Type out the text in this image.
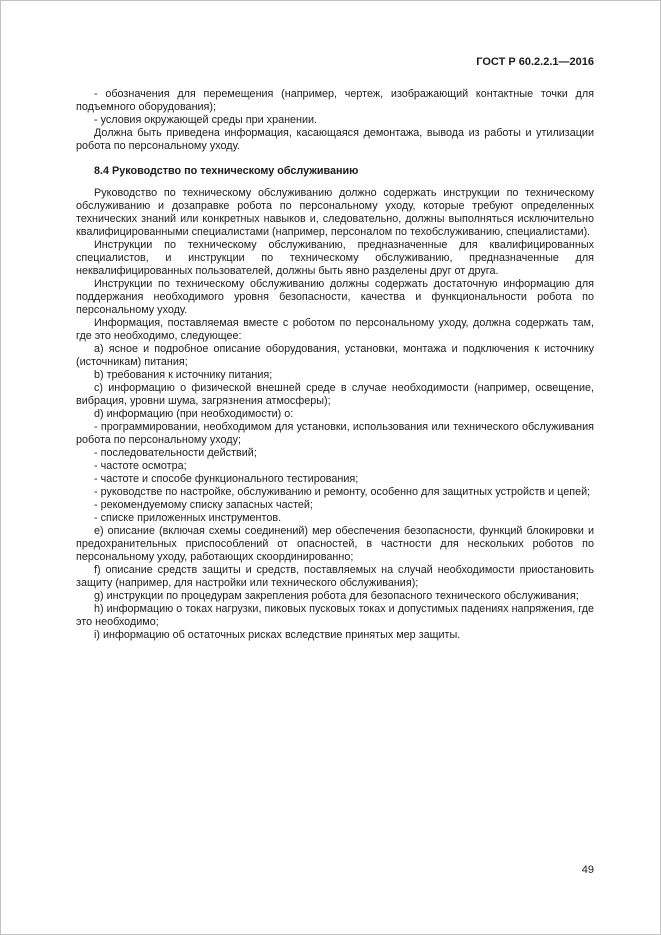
ГОСТ Р 60.2.2.1—2016

- обозначения для перемещения (например, чертеж, изображающий контактные точки для подъемного оборудования);

- условия окружающей среды при хранении.

Должна быть приведена информация, касающаяся демонтажа, вывода из работы и утилизации робота по персональному уходу.

8.4 Руководство по техническому обслуживанию

Руководство по техническому обслуживанию должно содержать инструкции по техническому обслуживанию и дозаправке робота по персональному уходу, которые требуют определенных технических знаний или конкретных навыков и, следовательно, должны выполняться исключительно квалифицированными специалистами (например, персоналом по техобслуживанию, специалистами).

Инструкции по техническому обслуживанию, предназначенные для квалифицированных специалистов, и инструкции по техническому обслуживанию, предназначенные для неквалифицированных пользователей, должны быть явно разделены друг от друга.

Инструкции по техническому обслуживанию должны содержать достаточную информацию для поддержания необходимого уровня безопасности, качества и функциональности робота по персональному уходу.

Информация, поставляемая вместе с роботом по персональному уходу, должна содержать там, где это необходимо, следующее:

a) ясное и подробное описание оборудования, установки, монтажа и подключения к источнику (источникам) питания;

b) требования к источнику питания;

c) информацию о физической внешней среде в случае необходимости (например, освещение, вибрация, уровни шума, загрязнения атмосферы);

d) информацию (при необходимости) о:

- программировании, необходимом для установки, использования или технического обслуживания робота по персональному уходу;

- последовательности действий;

- частоте осмотра;

- частоте и способе функционального тестирования;

- руководстве по настройке, обслуживанию и ремонту, особенно для защитных устройств и цепей;

- рекомендуемому списку запасных частей;

- списке приложенных инструментов.

e) описание (включая схемы соединений) мер обеспечения безопасности, функций блокировки и предохранительных приспособлений от опасностей, в частности для нескольких роботов по персональному уходу, работающих скоординированно;

f) описание средств защиты и средств, поставляемых на случай необходимости приостановить защиту (например, для настройки или технического обслуживания);

g) инструкции по процедурам закрепления робота для безопасного технического обслуживания;

h) информацию о токах нагрузки, пиковых пусковых токах и допустимых падениях напряжения, где это необходимо;

i) информацию об остаточных рисках вследствие принятых мер защиты.

49
